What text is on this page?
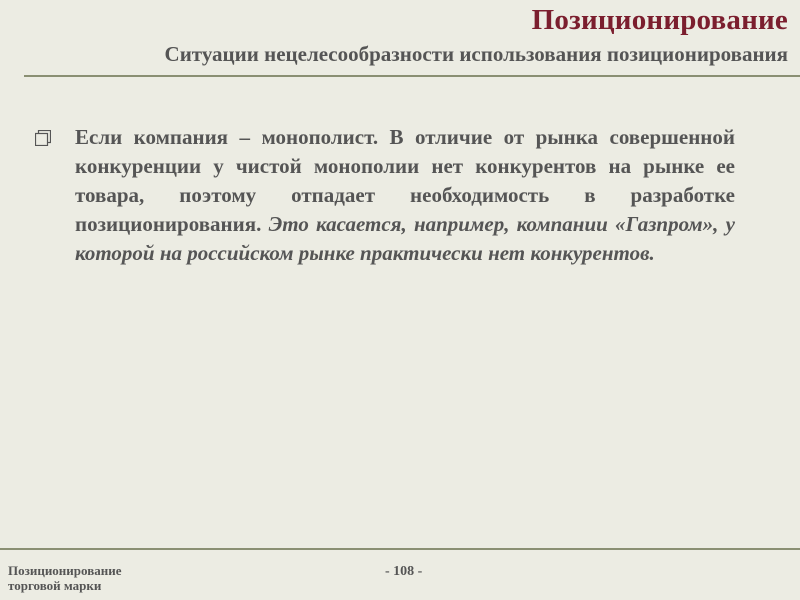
Позиционирование
Ситуации нецелесообразности использования позиционирования

Если компания – монополист. В отличие от рынка совершенной конкуренции у чистой монополии нет конкурентов на рынке ее товара, поэтому отпадает необходимость в разработке позиционирования. Это касается, например, компании «Газпром», у которой на российском рынке практически нет конкурентов.

Позиционирование
торговой марки
- 108 -
